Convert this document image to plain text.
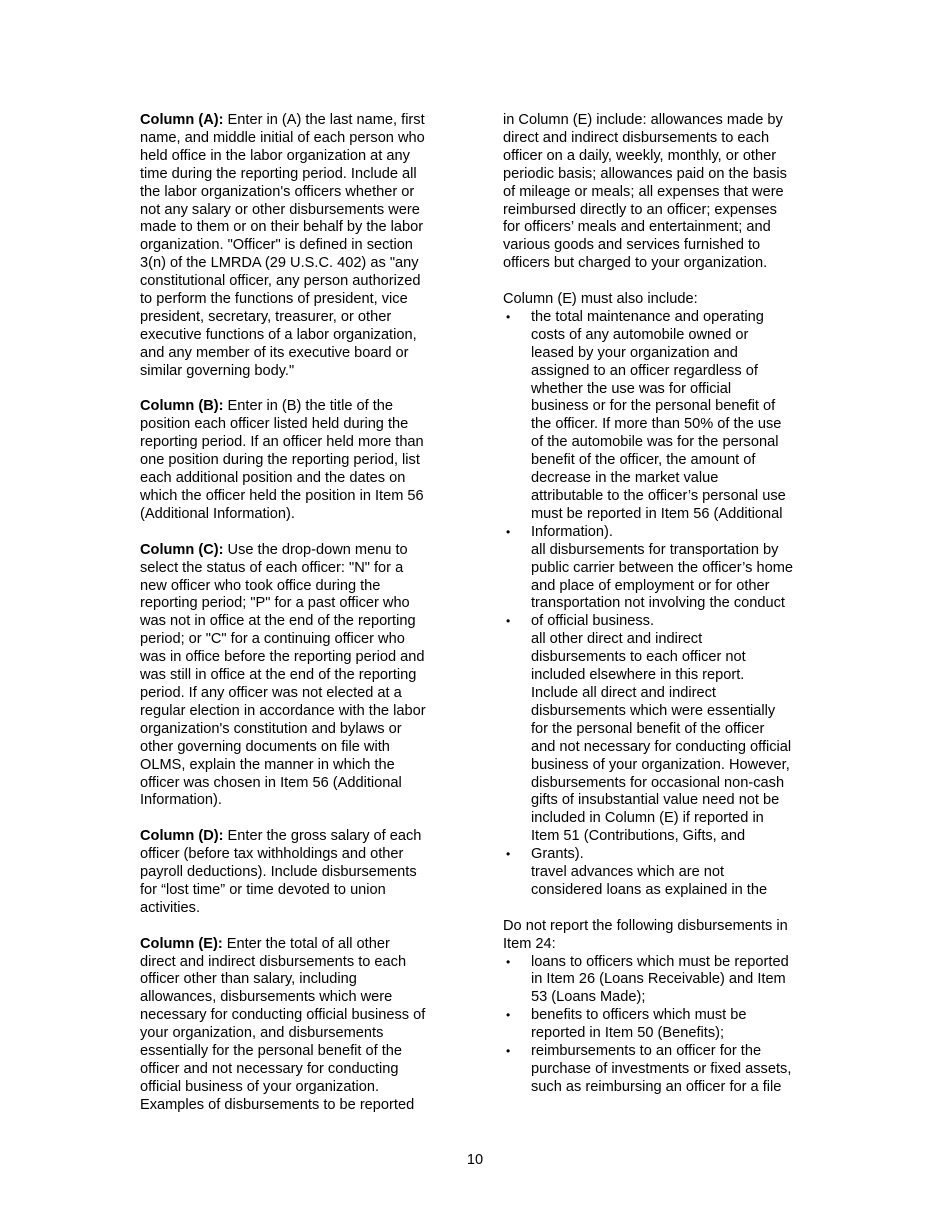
Column (A): Enter in (A) the last name, first
name, and middle initial of each person who
held office in the labor organization at any
time during the reporting period. Include all
the labor organization's officers whether or
not any salary or other disbursements were
made to them or on their behalf by the labor
organization. "Officer" is defined in section
3(n) of the LMRDA (29 U.S.C. 402) as "any
constitutional officer, any person authorized
to perform the functions of president, vice
president, secretary, treasurer, or other
executive functions of a labor organization,
and any member of its executive board or
similar governing body."
Column (B): Enter in (B) the title of the
position each officer listed held during the
reporting period. If an officer held more than
one position during the reporting period, list
each additional position and the dates on
which the officer held the position in Item 56
(Additional Information).
Column (C): Use the drop-down menu to
select the status of each officer: "N" for a
new officer who took office during the
reporting period; "P" for a past officer who
was not in office at the end of the reporting
period; or "C" for a continuing officer who
was in office before the reporting period and
was still in office at the end of the reporting
period. If any officer was not elected at a
regular election in accordance with the labor
organization's constitution and bylaws or
other governing documents on file with
OLMS, explain the manner in which the
officer was chosen in Item 56 (Additional
Information).
Column (D): Enter the gross salary of each
officer (before tax withholdings and other
payroll deductions). Include disbursements
for “lost time” or time devoted to union
activities.
Column (E): Enter the total of all other
direct and indirect disbursements to each
officer other than salary, including
allowances, disbursements which were
necessary for conducting official business of
your organization, and disbursements
essentially for the personal benefit of the
officer and not necessary for conducting
official business of your organization.
Examples of disbursements to be reported
in Column (E) include: allowances made by
direct and indirect disbursements to each
officer on a daily, weekly, monthly, or other
periodic basis; allowances paid on the basis
of mileage or meals; all expenses that were
reimbursed directly to an officer; expenses
for officers’ meals and entertainment; and
various goods and services furnished to
officers but charged to your organization.
Column (E) must also include:
• the total maintenance and operating
costs of any automobile owned or
leased by your organization and
assigned to an officer regardless of
whether the use was for official
business or for the personal benefit of
the officer. If more than 50% of the use
of the automobile was for the personal
benefit of the officer, the amount of
decrease in the market value
attributable to the officer’s personal use
must be reported in Item 56 (Additional
• Information).
all disbursements for transportation by
public carrier between the officer’s home
and place of employment or for other
transportation not involving the conduct
• of official business.
all other direct and indirect
disbursements to each officer not
included elsewhere in this report.
Include all direct and indirect
disbursements which were essentially
for the personal benefit of the officer
and not necessary for conducting official
business of your organization. However,
disbursements for occasional non-cash
gifts of insubstantial value need not be
included in Column (E) if reported in
Item 51 (Contributions, Gifts, and
• Grants).
travel advances which are not
considered loans as explained in the
Do not report the following disbursements in
Item 24:
• loans to officers which must be reported
in Item 26 (Loans Receivable) and Item
53 (Loans Made);
• benefits to officers which must be
reported in Item 50 (Benefits);
• reimbursements to an officer for the
purchase of investments or fixed assets,
such as reimbursing an officer for a file
10
